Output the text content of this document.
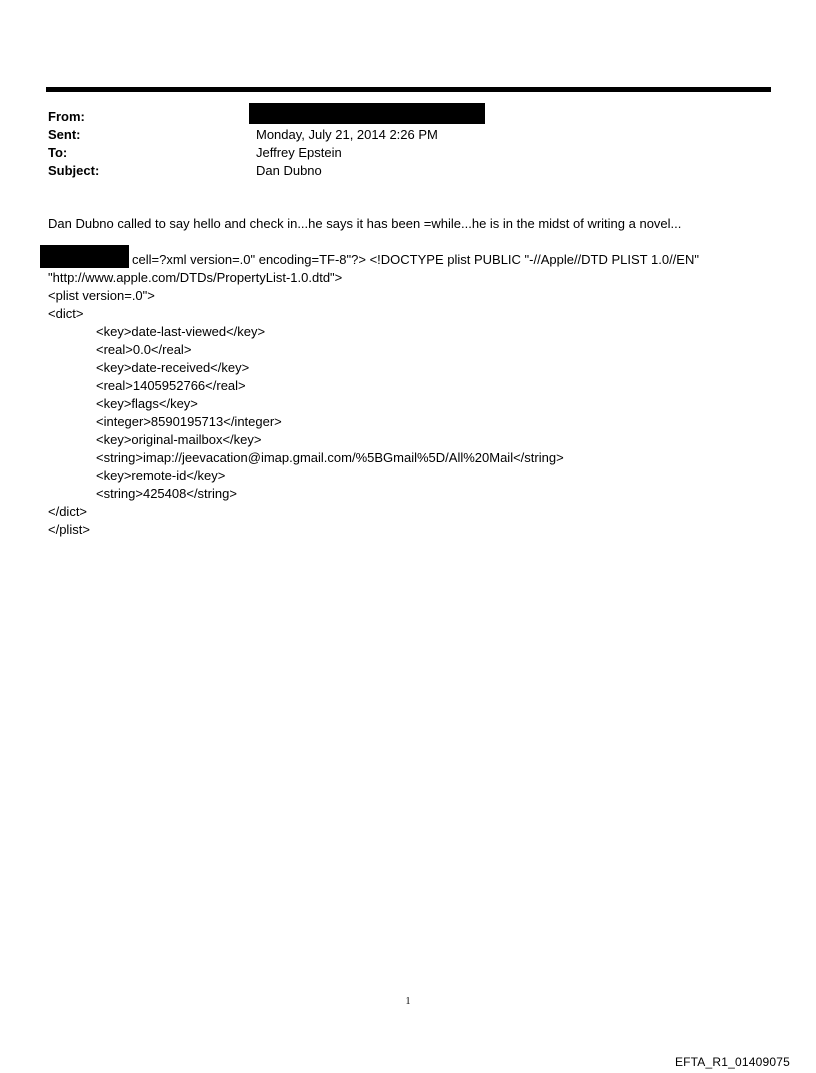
From:
Sent:	Monday, July 21, 2014 2:26 PM
To:	Jeffrey Epstein
Subject:	Dan Dubno
Dan Dubno called to say hello and check in...he says it has been =while...he is in the midst of writing a novel...
cell=?xml version=.0" encoding=TF-8"?> <!DOCTYPE plist PUBLIC "-//Apple//DTD PLIST 1.0//EN"
"http://www.apple.com/DTDs/PropertyList-1.0.dtd">
<plist version=.0">
<dict>
<key>date-last-viewed</key>
<real>0.0</real>
<key>date-received</key>
<real>1405952766</real>
<key>flags</key>
<integer>8590195713</integer>
<key>original-mailbox</key>
<string>imap://jeevacation@imap.gmail.com/%5BGmail%5D/All%20Mail</string>
<key>remote-id</key>
<string>425408</string>
</dict>
</plist>
1
EFTA_R1_01409075
